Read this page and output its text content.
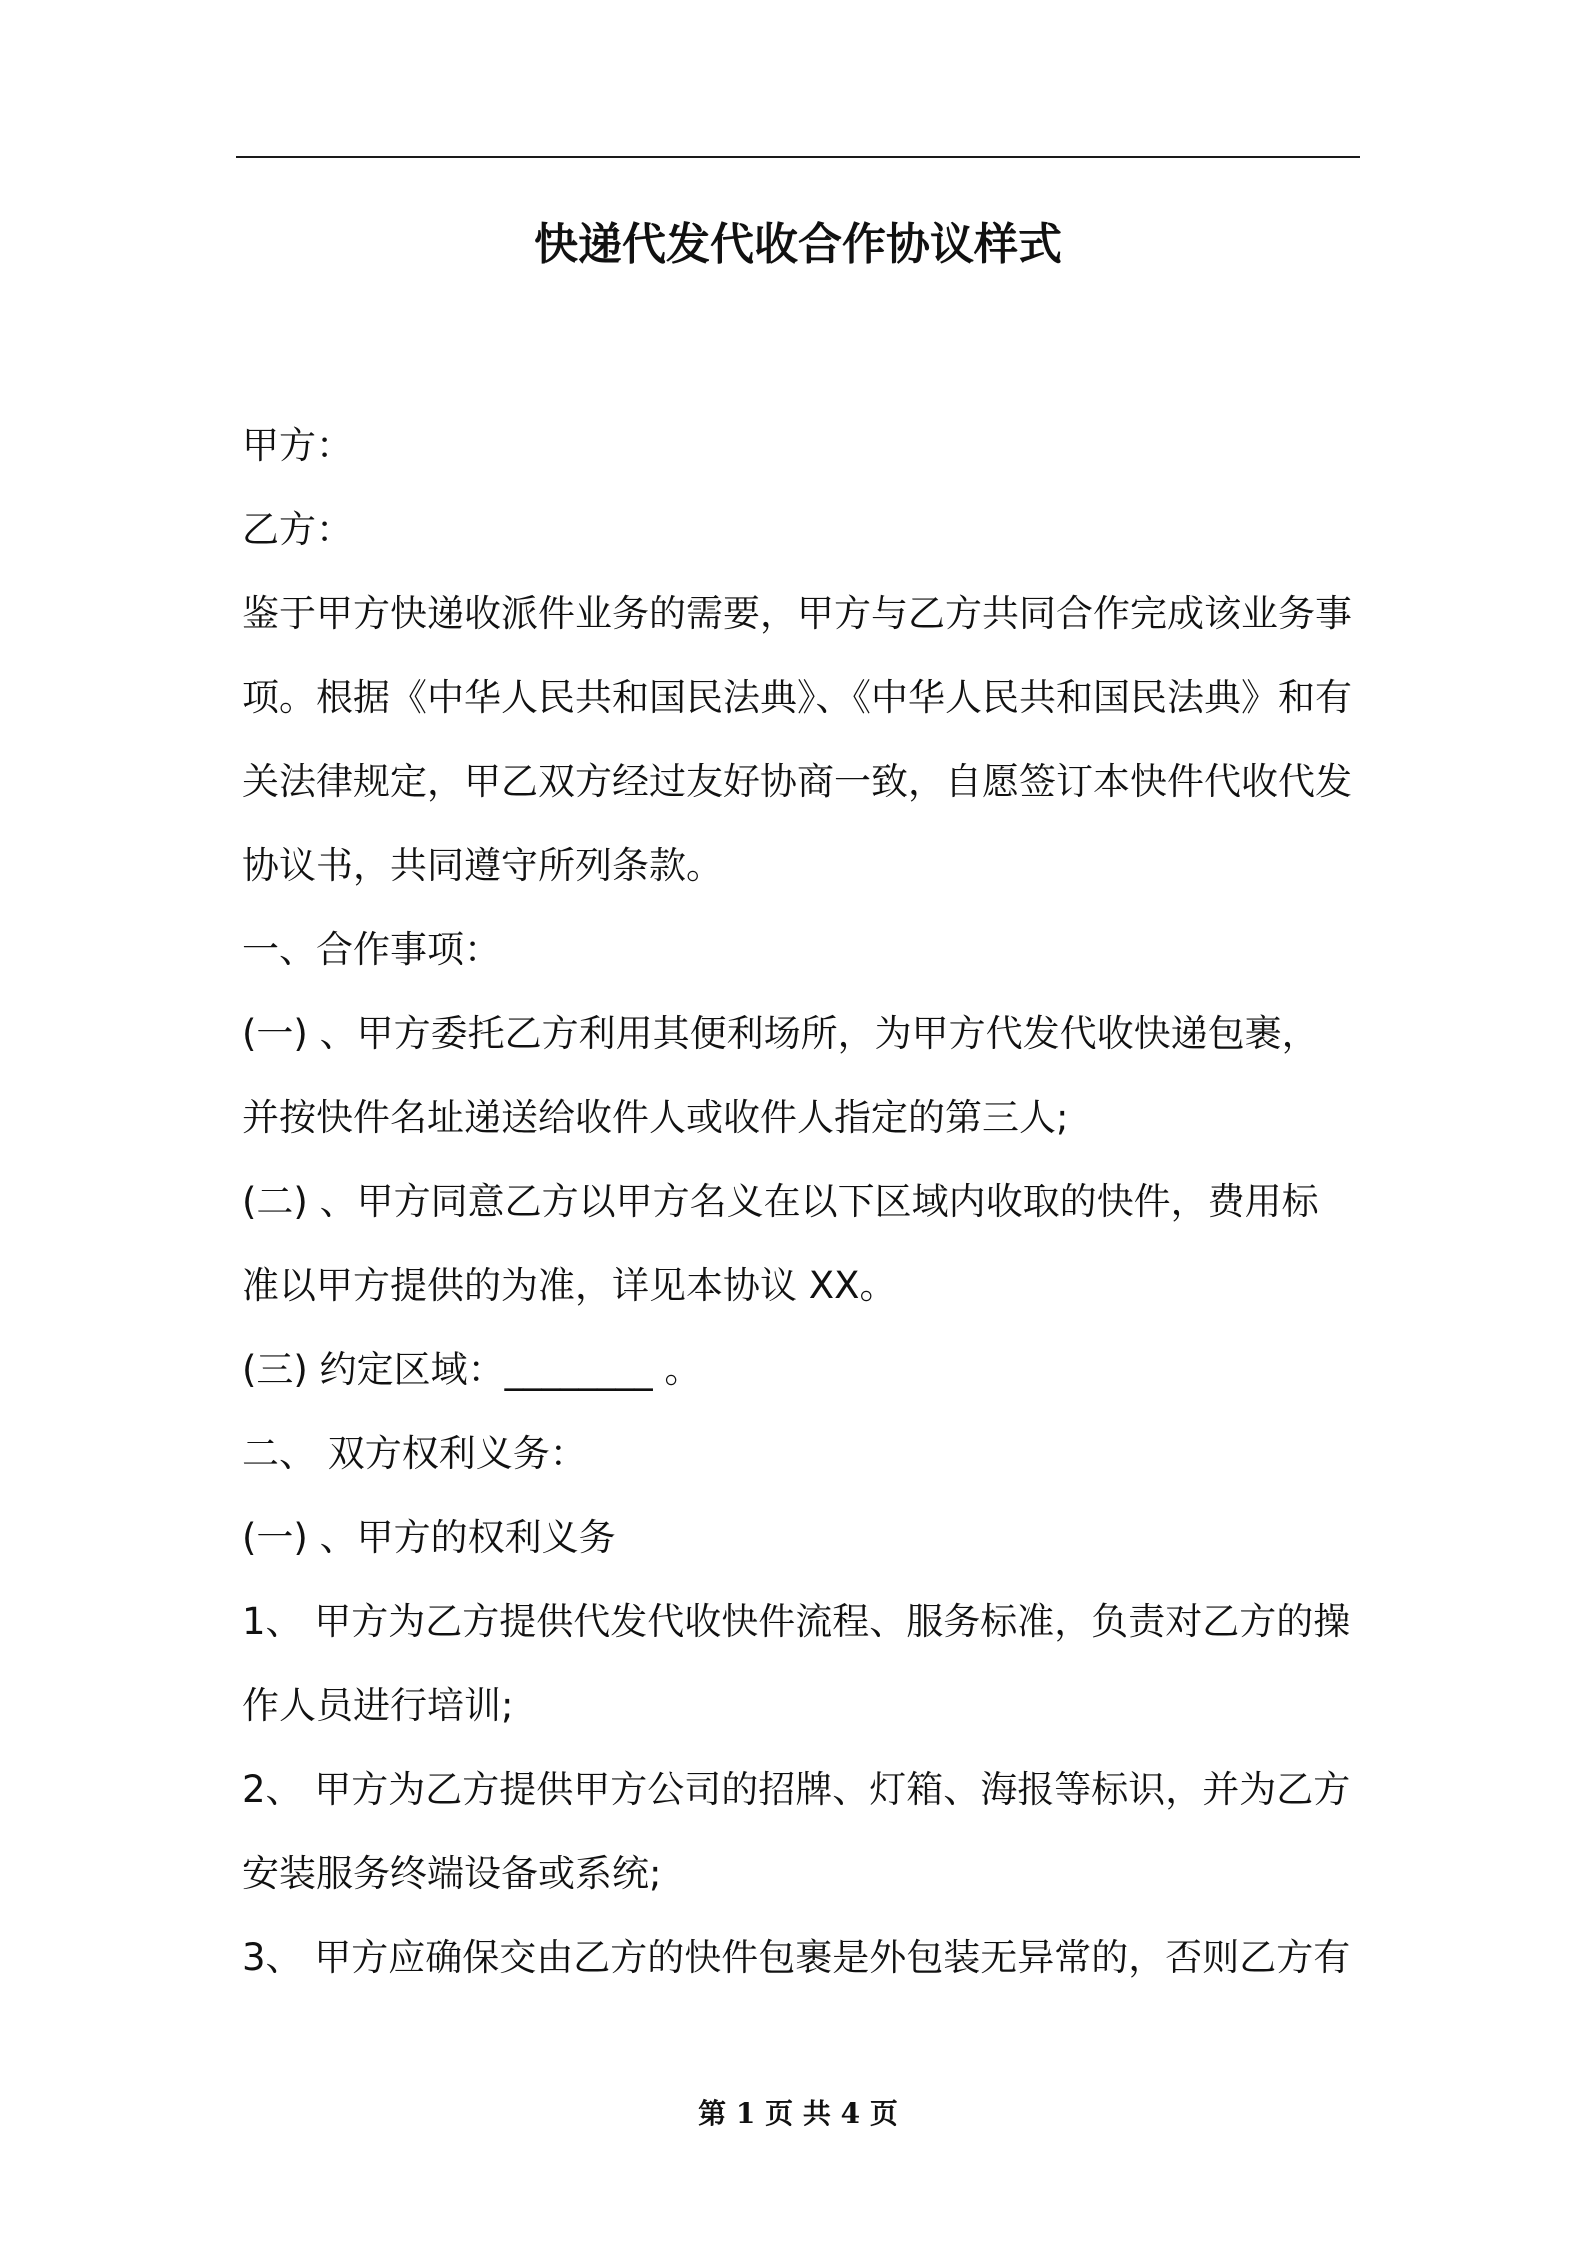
快递代发代收合作协议样式
甲方：
乙方：
鉴于甲方快递收派件业务的需要，甲方与乙方共同合作完成该业务事
项。根据《中华人民共和国民法典》、《中华人民共和国民法典》和有
关法律规定，甲乙双方经过友好协商一致，自愿签订本快件代收代发
协议书，共同遵守所列条款。
一、合作事项：
(一) 、甲方委托乙方利用其便利场所，为甲方代发代收快递包裹，
并按快件名址递送给收件人或收件人指定的第三人;
(二) 、甲方同意乙方以甲方名义在以下区域内收取的快件，费用标
准以甲方提供的为准，详见本协议 XX。
(三) 约定区域：________ 。
二、 双方权利义务：
(一) 、甲方的权利义务
1、 甲方为乙方提供代发代收快件流程、服务标准，负责对乙方的操
作人员进行培训;
2、 甲方为乙方提供甲方公司的招牌、灯箱、海报等标识，并为乙方
安装服务终端设备或系统;
3、 甲方应确保交由乙方的快件包裹是外包装无异常的，否则乙方有
第 1 页 共 4 页
